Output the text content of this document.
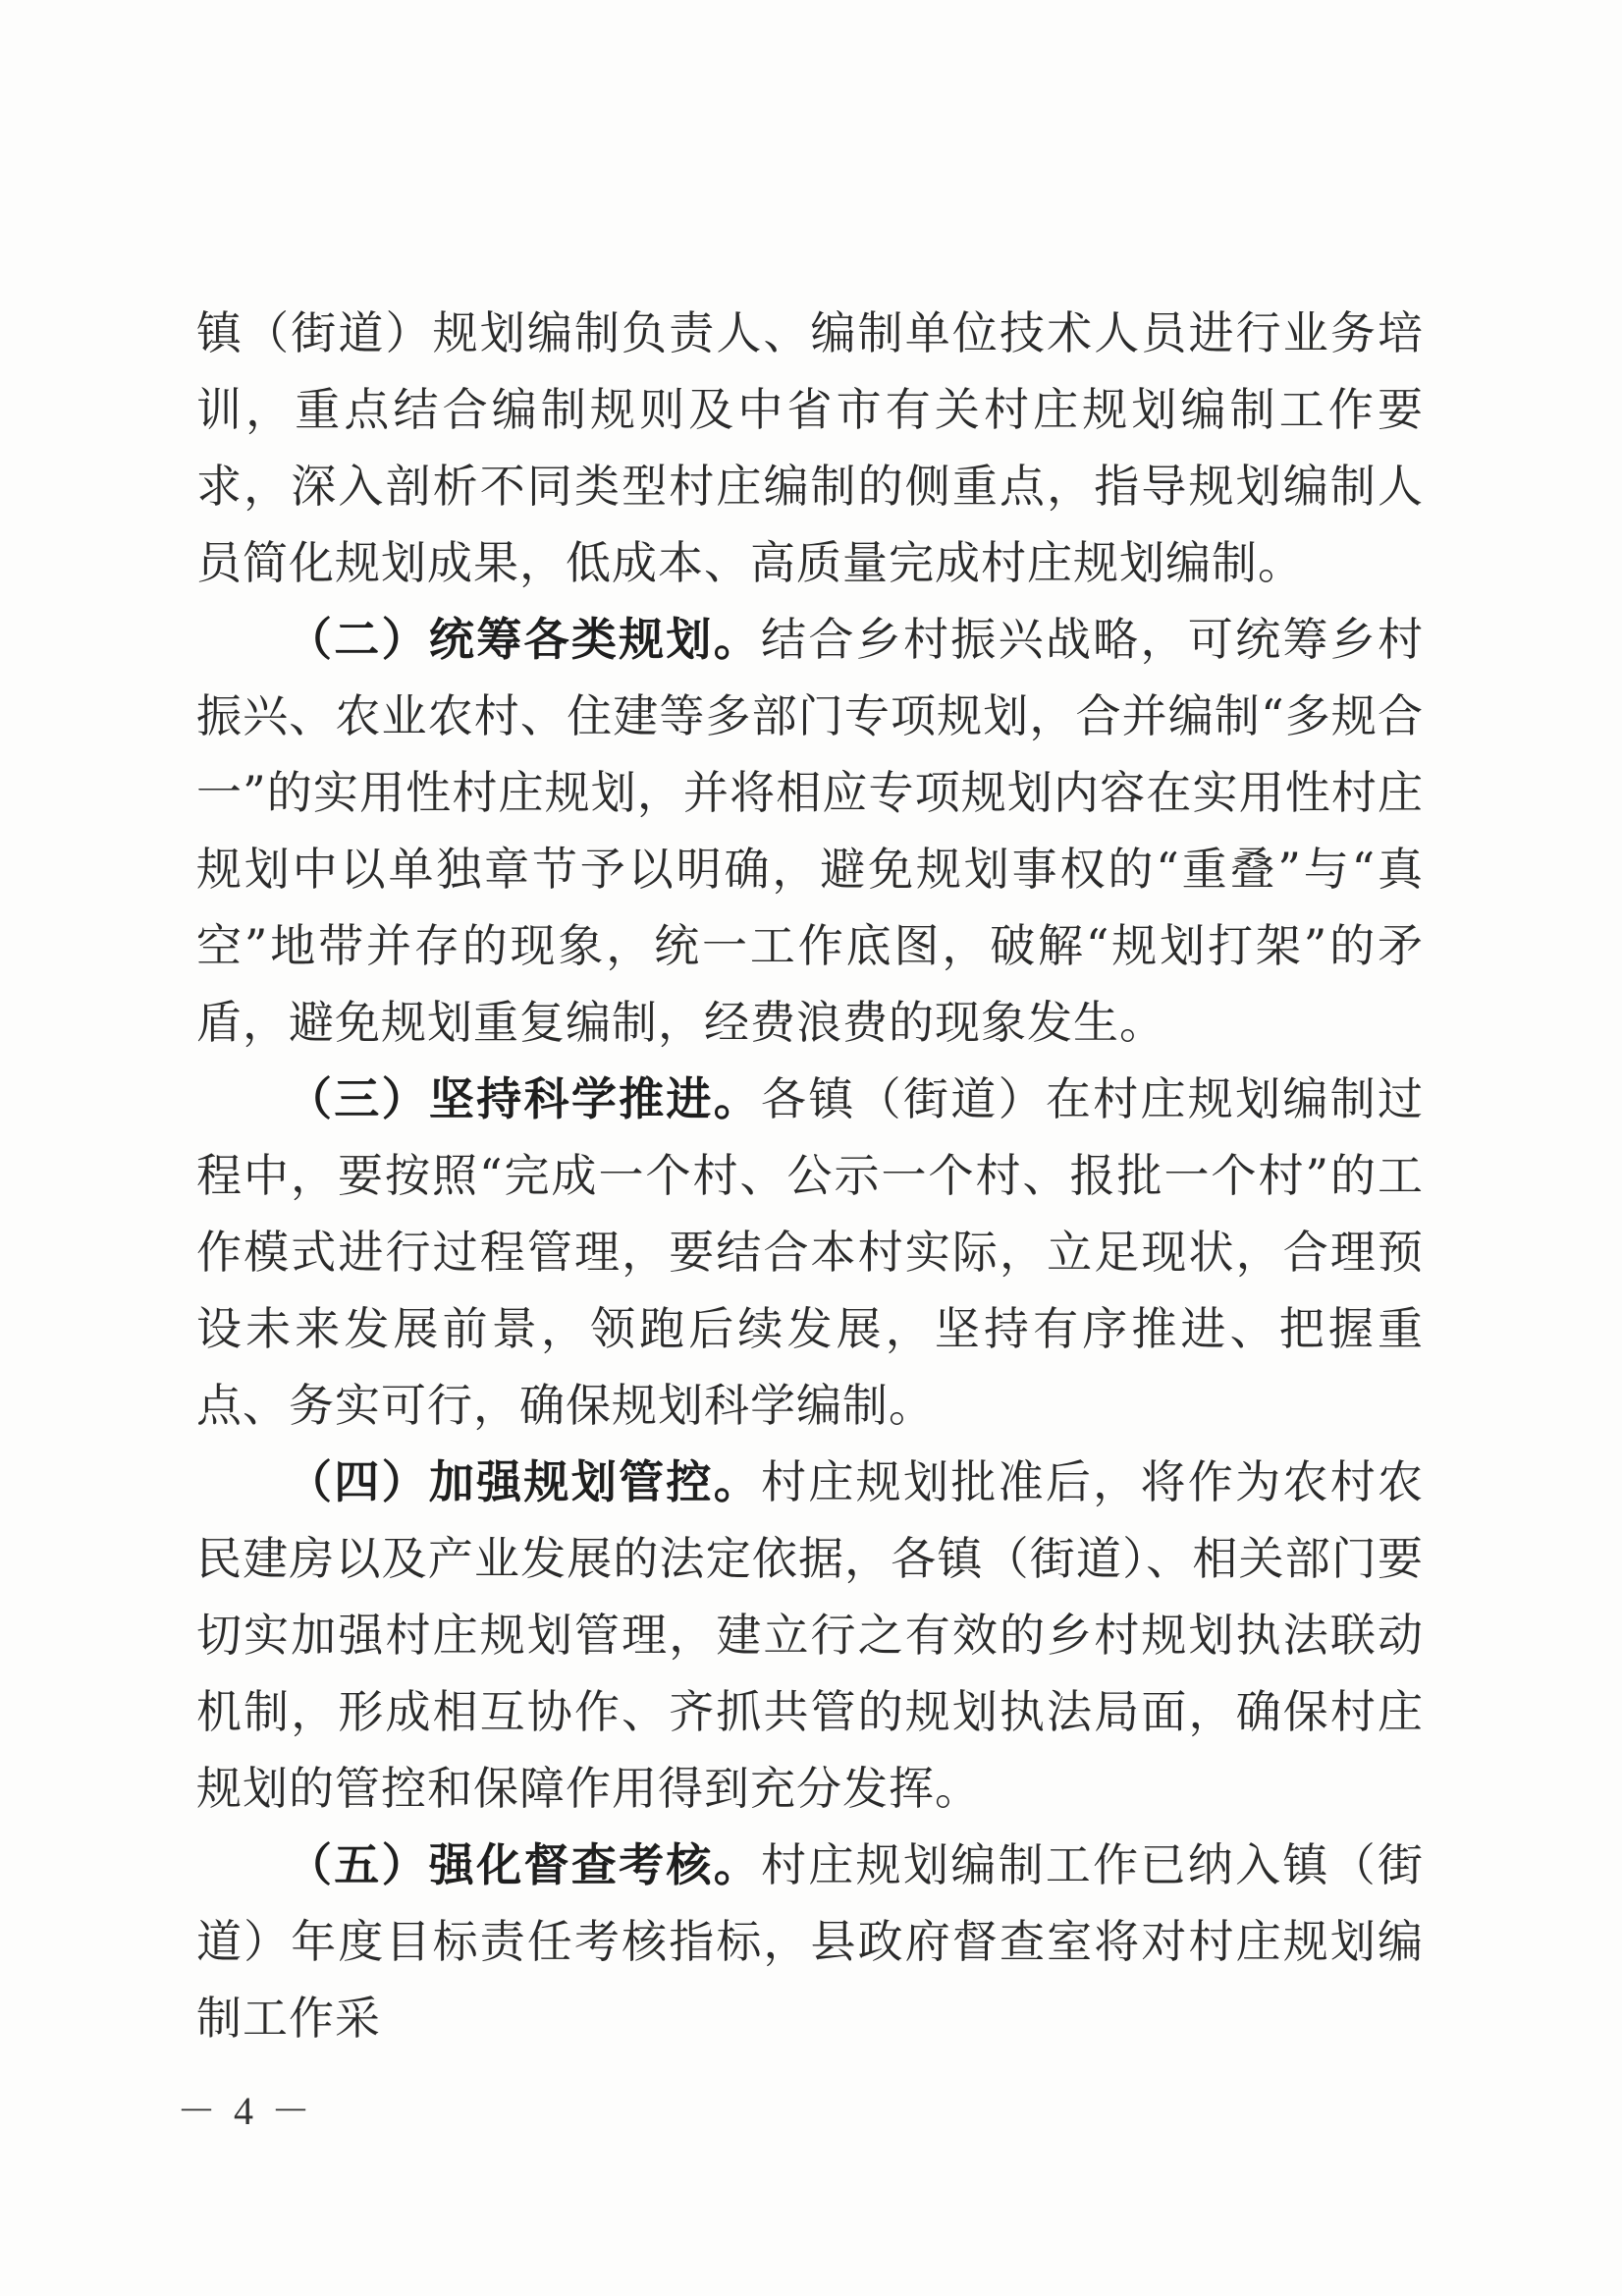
镇（街道）规划编制负责人、编制单位技术人员进行业务培训，重点结合编制规则及中省市有关村庄规划编制工作要求，深入剖析不同类型村庄编制的侧重点，指导规划编制人员简化规划成果，低成本、高质量完成村庄规划编制。

（二）统筹各类规划。结合乡村振兴战略，可统筹乡村振兴、农业农村、住建等多部门专项规划，合并编制“多规合一”的实用性村庄规划，并将相应专项规划内容在实用性村庄规划中以单独章节予以明确，避免规划事权的“重叠”与“真空”地带并存的现象，统一工作底图，破解“规划打架”的矛盾，避免规划重复编制，经费浪费的现象发生。

（三）坚持科学推进。各镇（街道）在村庄规划编制过程中，要按照“完成一个村、公示一个村、报批一个村”的工作模式进行过程管理，要结合本村实际，立足现状，合理预设未来发展前景，领跑后续发展，坚持有序推进、把握重点、务实可行，确保规划科学编制。

（四）加强规划管控。村庄规划批准后，将作为农村农民建房以及产业发展的法定依据，各镇（街道）、相关部门要切实加强村庄规划管理，建立行之有效的乡村规划执法联动机制，形成相互协作、齐抓共管的规划执法局面，确保村庄规划的管控和保障作用得到充分发挥。

（五）强化督查考核。村庄规划编制工作已纳入镇（街道）年度目标责任考核指标，县政府督查室将对村庄规划编制工作采

－ 4 －
